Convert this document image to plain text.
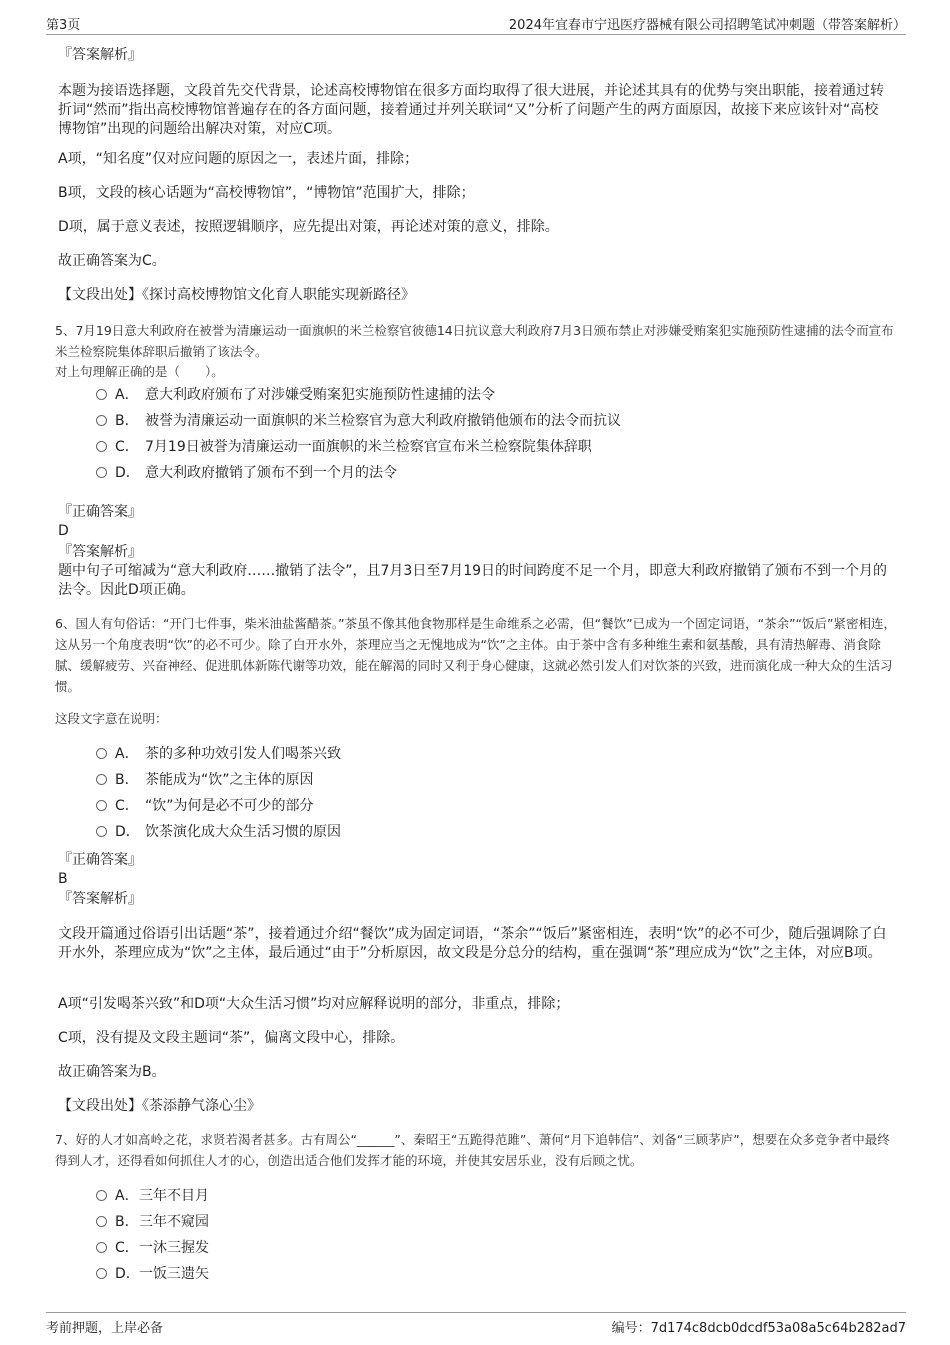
第3页	2024年宜春市宁迅医疗器械有限公司招聘笔试冲刺题（带答案解析）
『答案解析』
本题为接语选择题，文段首先交代背景，论述高校博物馆在很多方面均取得了很大进展，并论述其具有的优势与突出职能，接着通过转折词“然而”指出高校博物馆普遍存在的各方面问题，接着通过并列关联词“又”分析了问题产生的两方面原因，故接下来应该针对“高校博物馆”出现的问题给出解决对策，对应C项。
A项，“知名度”仅对应问题的原因之一，表述片面，排除；
B项，文段的核心话题为“高校博物馆”，“博物馆”范围扩大，排除；
D项，属于意义表述，按照逻辑顺序，应先提出对策，再论述对策的意义，排除。
故正确答案为C。
【文段出处】《探讨高校博物馆文化育人职能实现新路径》
5、7月19日意大利政府在被誉为清廉运动一面旗帜的米兰检察官彼德14日抗议意大利政府7月3日颁布禁止对涉嫌受贿案犯实施预防性逮捕的法令而宣布米兰检察院集体辞职后撤销了该法令。
对上句理解正确的是（　　）。
A． 意大利政府颁布了对涉嫌受贿案犯实施预防性逮捕的法令
B． 被誉为清廉运动一面旗帜的米兰检察官为意大利政府撤销他颁布的法令而抗议
C． 7月19日被誉为清廉运动一面旗帜的米兰检察官宣布米兰检察院集体辞职
D． 意大利政府撤销了颁布不到一个月的法令
『正确答案』
D
『答案解析』
题中句子可缩减为“意大利政府……撤销了法令”，且7月3日至7月19日的时间跨度不足一个月，即意大利政府撤销了颁布不到一个月的法令。因此D项正确。
6、国人有句俗话：“开门七件事，柴米油盐酱醋茶。”茶虽不像其他食物那样是生命维系之必需，但“餐饮”已成为一个固定词语，“茶余”“饭后”紧密相连，这从另一个角度表明“饮”的必不可少。除了白开水外，茶理应当之无愧地成为“饮”之主体。由于茶中含有多种维生素和氨基酸，具有清热解毒、消食除腻、缓解疲劳、兴奋神经、促进肌体新陈代谢等功效，能在解渴的同时又利于身心健康，这就必然引发人们对饮茶的兴致，进而演化成一种大众的生活习惯。
这段文字意在说明：
A． 茶的多种功效引发人们喝茶兴致
B． 茶能成为“饮”之主体的原因
C． “饮”为何是必不可少的部分
D． 饮茶演化成大众生活习惯的原因
『正确答案』
B
『答案解析』
文段开篇通过俗语引出话题“茶”，接着通过介绍“餐饮”成为固定词语，“茶余”“饭后”紧密相连，表明“饮”的必不可少，随后强调除了白开水外，茶理应成为“饮”之主体，最后通过“由于”分析原因，故文段是分总分的结构，重在强调“茶”理应成为“饮”之主体，对应B项。
A项“引发喝茶兴致”和D项“大众生活习惯”均对应解释说明的部分，非重点，排除；
C项，没有提及文段主题词“茶”，偏离文段中心，排除。
故正确答案为B。
【文段出处】《茶添静气涤心尘》
7、好的人才如高岭之花，求贤若渴者甚多。古有周公“______”、秦昭王“五跪得范雎”、萧何“月下追韩信”、刘备“三顾茅庐”，想要在众多竞争者中最终得到人才，还得看如何抓住人才的心，创造出适合他们发挥才能的环境，并使其安居乐业，没有后顾之忧。
A．三年不目月
B．三年不窥园
C．一沐三握发
D．一饭三遗矢
考前押题，上岸必备	编号：7d174c8dcb0dcdf53a08a5c64b282ad7
